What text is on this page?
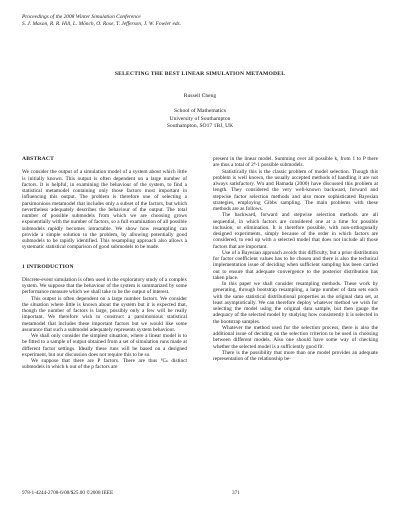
Proceedings of the 2008 Winter Simulation Conference
S. J. Mason, R. R. Hill, L. Mönch, O. Rose, T. Jefferson, J. W. Fowler eds.
SELECTING THE BEST LINEAR SIMULATION METAMODEL
Russell Cheng
School of Mathematics
University of Southampton
Southampton, SO17 1BJ, UK
ABSTRACT

We consider the output of a simulation model of a system about which little is initially known. This output is often dependent on a large number of factors. It is helpful, in examining the behaviour of the system, to find a statistical metamodel containing only those factors most important in influencing this output. The problem is therefore one of selecting a parsimonious metamodel that includes only a subset of the factors, but which nevertheless adequately describes the behaviour of the output. The total number of possible submodels from which we are choosing grows exponentially with the number of factors, so a full examination of all possible submodels rapidly becomes intractable. We show how resampling can provide a simple solution to the problem, by allowing potentially good submodels to be rapidly identified. This resampling approach also allows a systematic statistical comparison of good submodels to be made.

1 INTRODUCTION

Discrete-event simulation is often used in the exploratory study of a complex system. We suppose that the behaviour of the system is summarized by some performance measure which we shall take to be the output of interest.

This output is often dependent on a large number factors. We consider the situation where little is known about the system but it is expected that, though the number of factors is large, possibly only a few will be really important. We therefore wish to construct a parsimonious statistical metamodel that includes these important factors but we would like some assurance that such a submodel adequately represents system behaviour.

We shall only consider the simplest situation, where a linear model is to be fitted to a sample of output obtained from a set of simulation runs made at different factor settings. Ideally these runs will be based on a designed experiment, but our discussion does not require this to be so.

We suppose that there are P factors. There are thus ᴾCₖ distinct submodels in which k out of the p factors are

present in the linear model. Summing over all possible k, from 1 to P there are thus a total of 2ᴾ-1 possible submodels.

Statistically this is the classic problem of model selection. Though this problem is well known, the usually accepted methods of handling it are not always satisfactory. Wu and Hamada (2000) have discussed this problem at length. They considered the very well-known backward, forward and stepwise factor selection methods and also more sophisticated Bayesian strategies, employing Gibbs sampling. The main problems with these methods are as follows.

The backward, forward and stepwise selection methods are all sequential, in which factors are considered one at a time for possible inclusion, or elimination. It is therefore possible, with non-orthogonally designed experiments, simply because of the order in which factors are considered, to end up with a selected model that does not include all those factors that are important.

Use of a Bayesian approach avoids this difficulty, but a prior distribution for factor coefficient values has to be chosen and there is also the technical implementation issue of deciding when sufficient sampling has been carried out to ensure that adequate convergence to the posterior distribution has taken place.

In this paper we shall consider resampling methods. These work by generating, through bootstrap resampling, a large number of data sets each with the same statistical distributional properties as the original data set, at least asymptotically. We can therefore deploy whatever method we wish for selecting the model using the original data sample, but then gauge the adequacy of the selected model by studying how consistently it is selected in the bootstrap samples.

Whatever the method used for the selection process, there is also the additional issue of deciding on the selection criterion to be used in choosing between different models. Also one should have some way of checking whether the selected model is a sufficiently good fit.

There is the possibility that more than one model provides an adequate representation of the relationship be-

978-1-4244-2708-6/08/$25.00 ©2008 IEEE	371
